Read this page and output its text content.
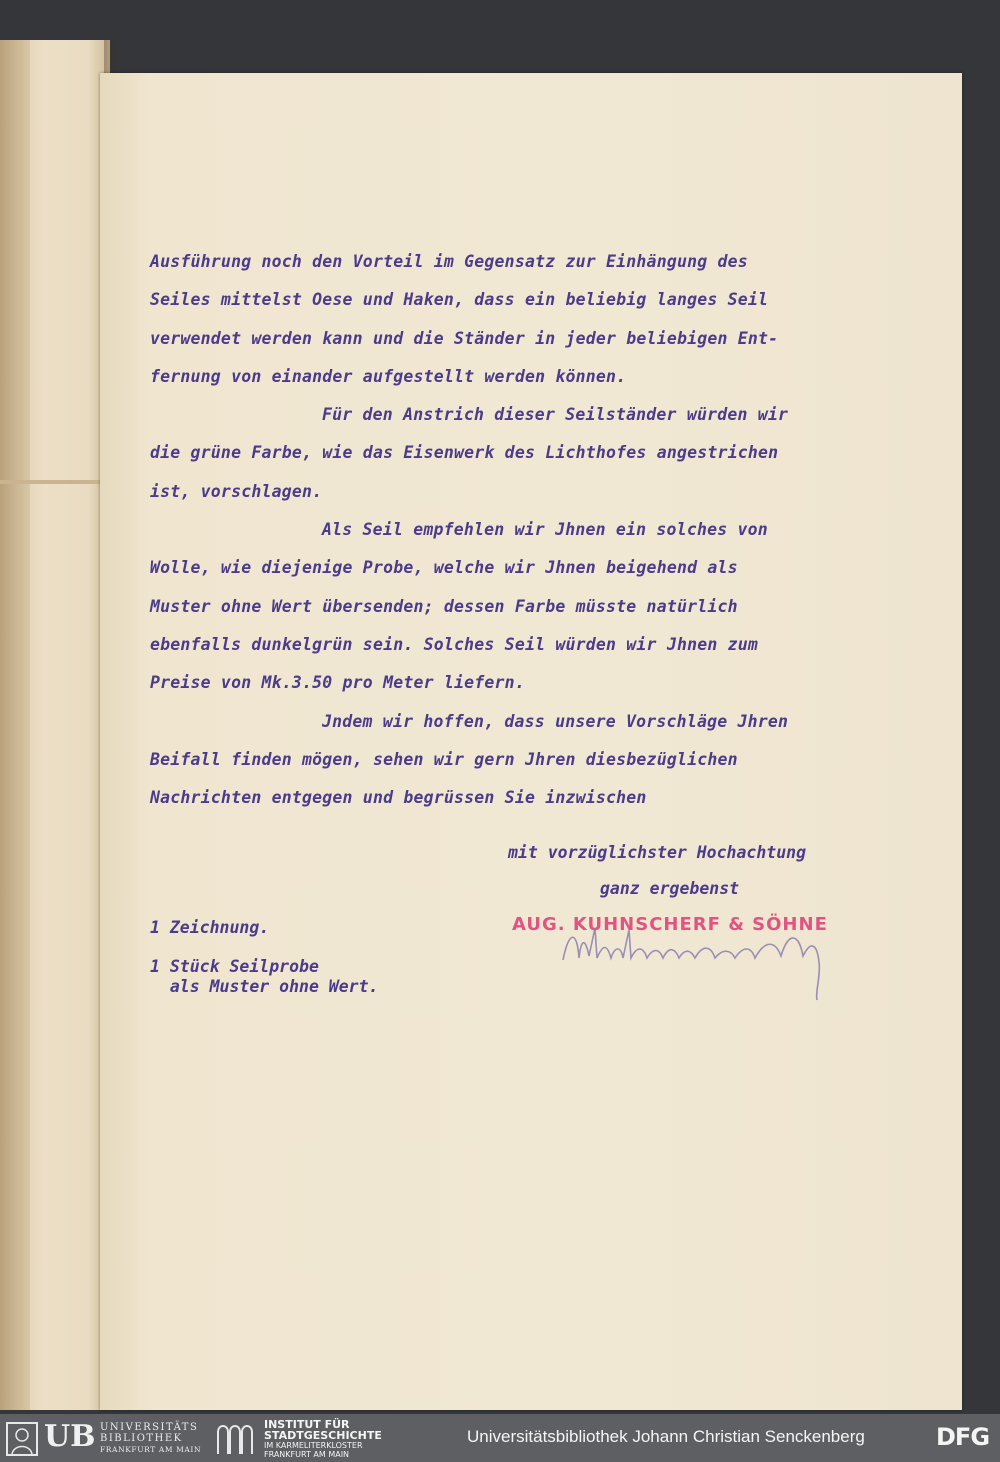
Ausführung noch den Vorteil im Gegensatz zur Einhängung des
Seiles mittelst Oese und Haken, dass ein beliebig langes Seil
verwendet werden kann und die Ständer in jeder beliebigen Ent-
fernung von einander aufgestellt werden können.
Für den Anstrich dieser Seilständer würden wir
die grüne Farbe, wie das Eisenwerk des Lichthofes angestrichen
ist, vorschlagen.
Als Seil empfehlen wir Jhnen ein solches von
Wolle, wie diejenige Probe, welche wir Jhnen beigehend als
Muster ohne Wert übersenden; dessen Farbe müsste natürlich
ebenfalls dunkelgrün sein. Solches Seil würden wir Jhnen zum
Preise von Mk.3.50 pro Meter liefern.
Jndem wir hoffen, dass unsere Vorschläge Jhren
Beifall finden mögen, sehen wir gern Jhren diesbezüglichen
Nachrichten entgegen und begrüssen Sie inzwischen
mit vorzüglichster Hochachtung
ganz ergebenst
AUG. KUHNSCHERF & SÖHNE
1 Zeichnung.
1 Stück Seilprobe
als Muster ohne Wert.
UB UNIVERSITÄTS
BIBLIOTHEK
FRANKFURT AM MAIN
INSTITUT FÜR
STADTGESCHICHTE
IM KARMELITERKLOSTER
FRANKFURT AM MAIN
Universitätsbibliothek Johann Christian Senckenberg	DFG
